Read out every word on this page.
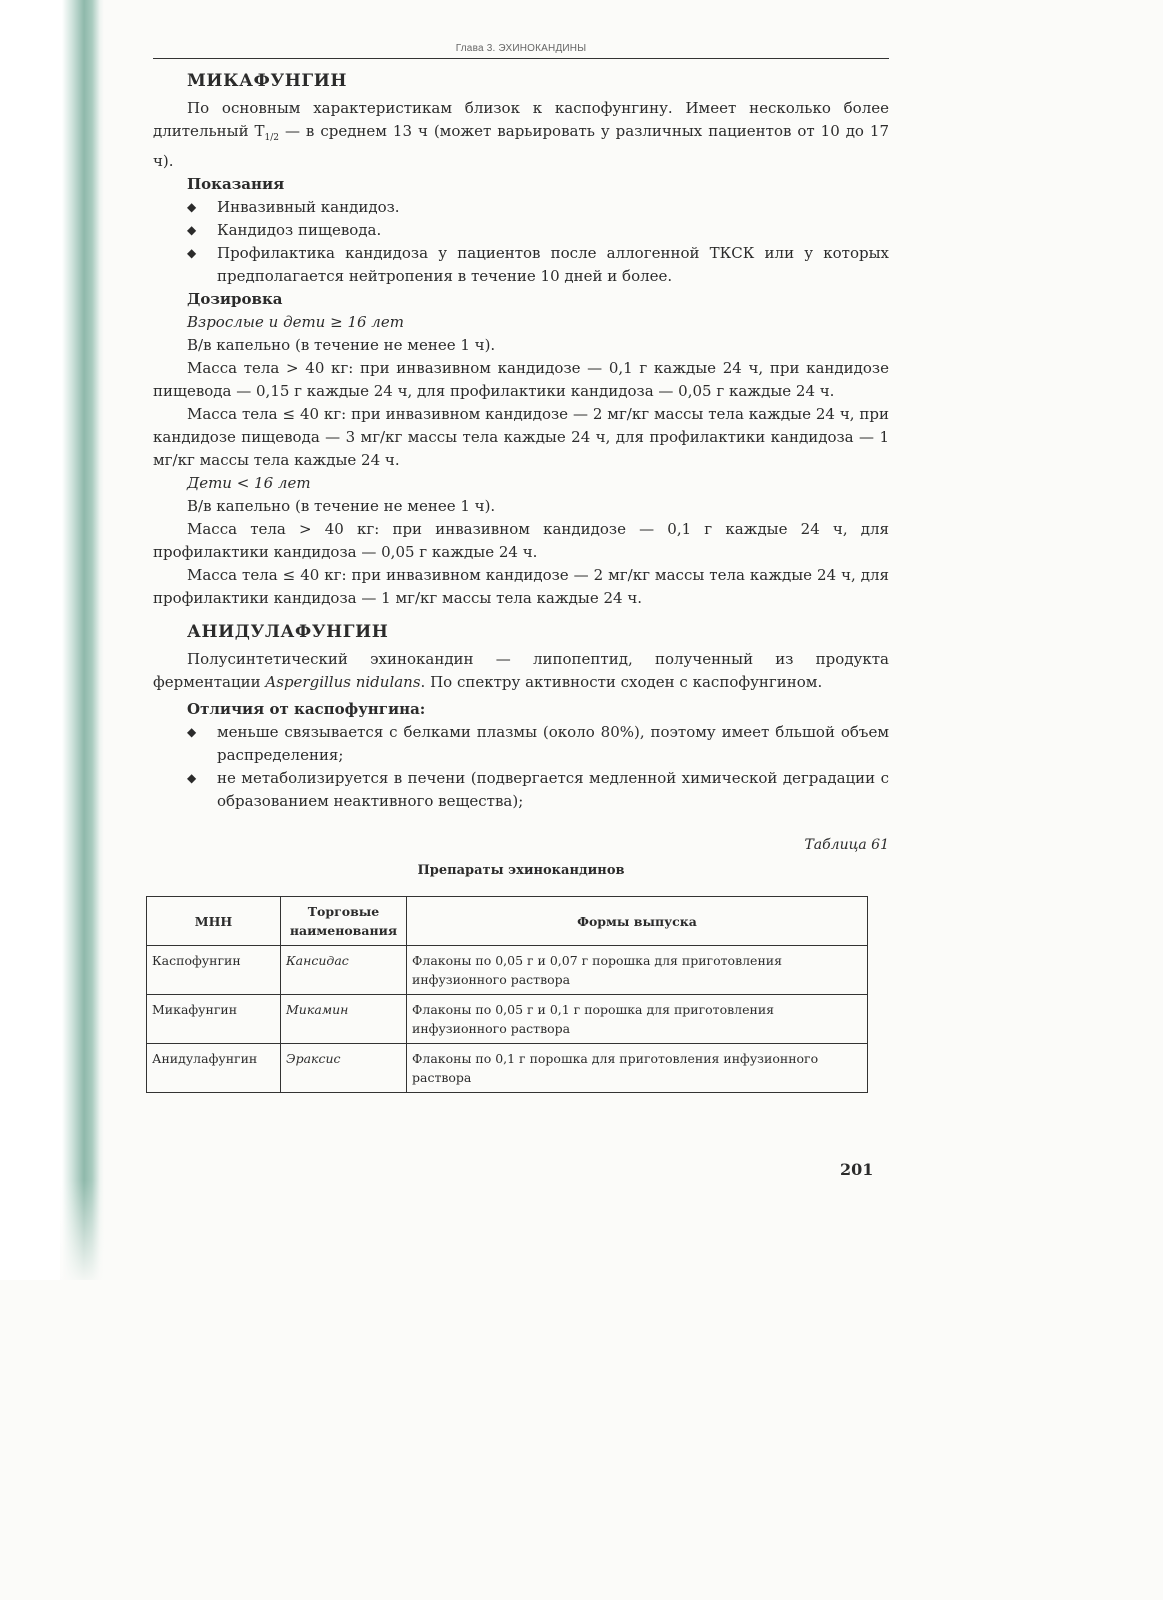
Глава 3. ЭХИНОКАНДИНЫ
МИКАФУНГИН
По основным характеристикам близок к каспофунгину. Имеет несколько более длительный $Т_{1/2}$ — в среднем 13 ч (может варьировать у различных пациентов от 10 до 17 ч).
Показания
◆ Инвазивный кандидоз.
◆ Кандидоз пищевода.
◆ Профилактика кандидоза у пациентов после аллогенной ТКСК или у которых предполагается нейтропения в течение 10 дней и более.
Дозировка
Взрослые и дети ≥ 16 лет
В/в капельно (в течение не менее 1 ч).
Масса тела > 40 кг: при инвазивном кандидозе — 0,1 г каждые 24 ч, при кандидозе пищевода — 0,15 г каждые 24 ч, для профилактики кандидоза — 0,05 г каждые 24 ч.
Масса тела ≤ 40 кг: при инвазивном кандидозе — 2 мг/кг массы тела каждые 24 ч, при кандидозе пищевода — 3 мг/кг массы тела каждые 24 ч, для профилактики кандидоза — 1 мг/кг массы тела каждые 24 ч.
Дети < 16 лет
В/в капельно (в течение не менее 1 ч).
Масса тела > 40 кг: при инвазивном кандидозе — 0,1 г каждые 24 ч, для профилактики кандидоза — 0,05 г каждые 24 ч.
Масса тела ≤ 40 кг: при инвазивном кандидозе — 2 мг/кг массы тела каждые 24 ч, для профилактики кандидоза — 1 мг/кг массы тела каждые 24 ч.
АНИДУЛАФУНГИН
Полусинтетический эхинокандин — липопептид, полученный из продукта ферментации Aspergillus nidulans. По спектру активности сходен с каспофунгином.
Отличия от каспофунгина:
◆ меньше связывается с белками плазмы (около 80%), поэтому имеет бльшой объем распределения;
◆ не метаболизируется в печени (подвергается медленной химической деградации с образованием неактивного вещества);
Таблица 61
Препараты эхинокандинов
МНН	Торговые наименования	Формы выпуска
Каспофунгин	Кансидас	Флаконы по 0,05 г и 0,07 г порошка для приготовления инфузионного раствора
Микафунгин	Микамин	Флаконы по 0,05 г и 0,1 г порошка для приготовления инфузионного раствора
Анидулафунгин	Эраксис	Флаконы по 0,1 г порошка для приготовления инфузионного раствора
201
